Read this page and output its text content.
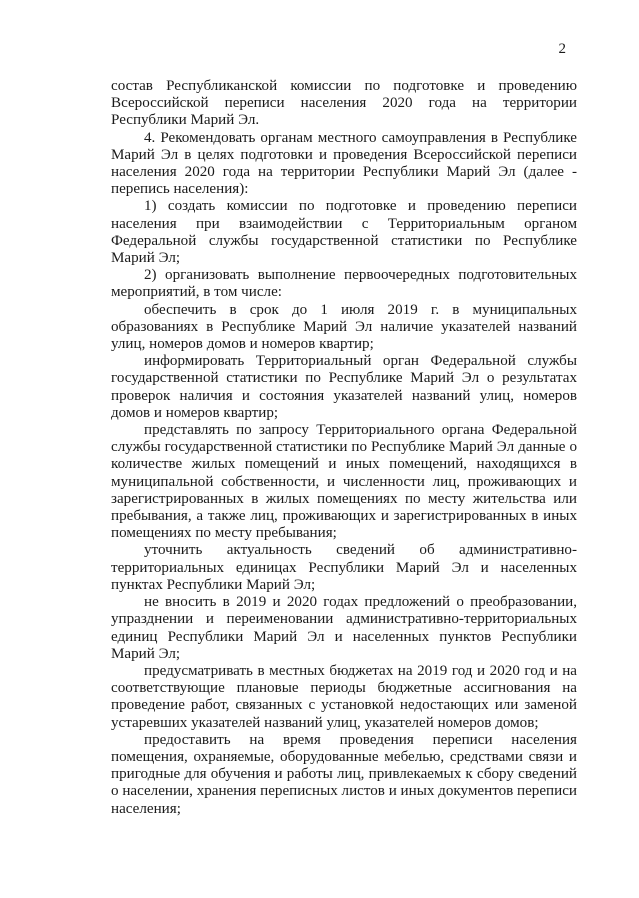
2

состав Республиканской комиссии по подготовке и проведению Всероссийской переписи населения 2020 года на территории Республики Марий Эл.

4. Рекомендовать органам местного самоуправления в Республике Марий Эл в целях подготовки и проведения Всероссийской переписи населения 2020 года на территории Республики Марий Эл (далее - перепись населения):

1) создать комиссии по подготовке и проведению переписи населения при взаимодействии с Территориальным органом Федеральной службы государственной статистики по Республике Марий Эл;

2) организовать выполнение первоочередных подготовительных мероприятий, в том числе:

обеспечить в срок до 1 июля 2019 г. в муниципальных образованиях в Республике Марий Эл наличие указателей названий улиц, номеров домов и номеров квартир;

информировать Территориальный орган Федеральной службы государственной статистики по Республике Марий Эл о результатах проверок наличия и состояния указателей названий улиц, номеров домов и номеров квартир;

представлять по запросу Территориального органа Федеральной службы государственной статистики по Республике Марий Эл данные о количестве жилых помещений и иных помещений, находящихся в муниципальной собственности, и численности лиц, проживающих и зарегистрированных в жилых помещениях по месту жительства или пребывания, а также лиц, проживающих и зарегистрированных в иных помещениях по месту пребывания;

уточнить актуальность сведений об административно-территориальных единицах Республики Марий Эл и населенных пунктах Республики Марий Эл;

не вносить в 2019 и 2020 годах предложений о преобразовании, упразднении и переименовании административно-территориальных единиц Республики Марий Эл и населенных пунктов Республики Марий Эл;

предусматривать в местных бюджетах на 2019 год и 2020 год и на соответствующие плановые периоды бюджетные ассигнования на проведение работ, связанных с установкой недостающих или заменой устаревших указателей названий улиц, указателей номеров домов;

предоставить на время проведения переписи населения помещения, охраняемые, оборудованные мебелью, средствами связи и пригодные для обучения и работы лиц, привлекаемых к сбору сведений о населении, хранения переписных листов и иных документов переписи населения;
